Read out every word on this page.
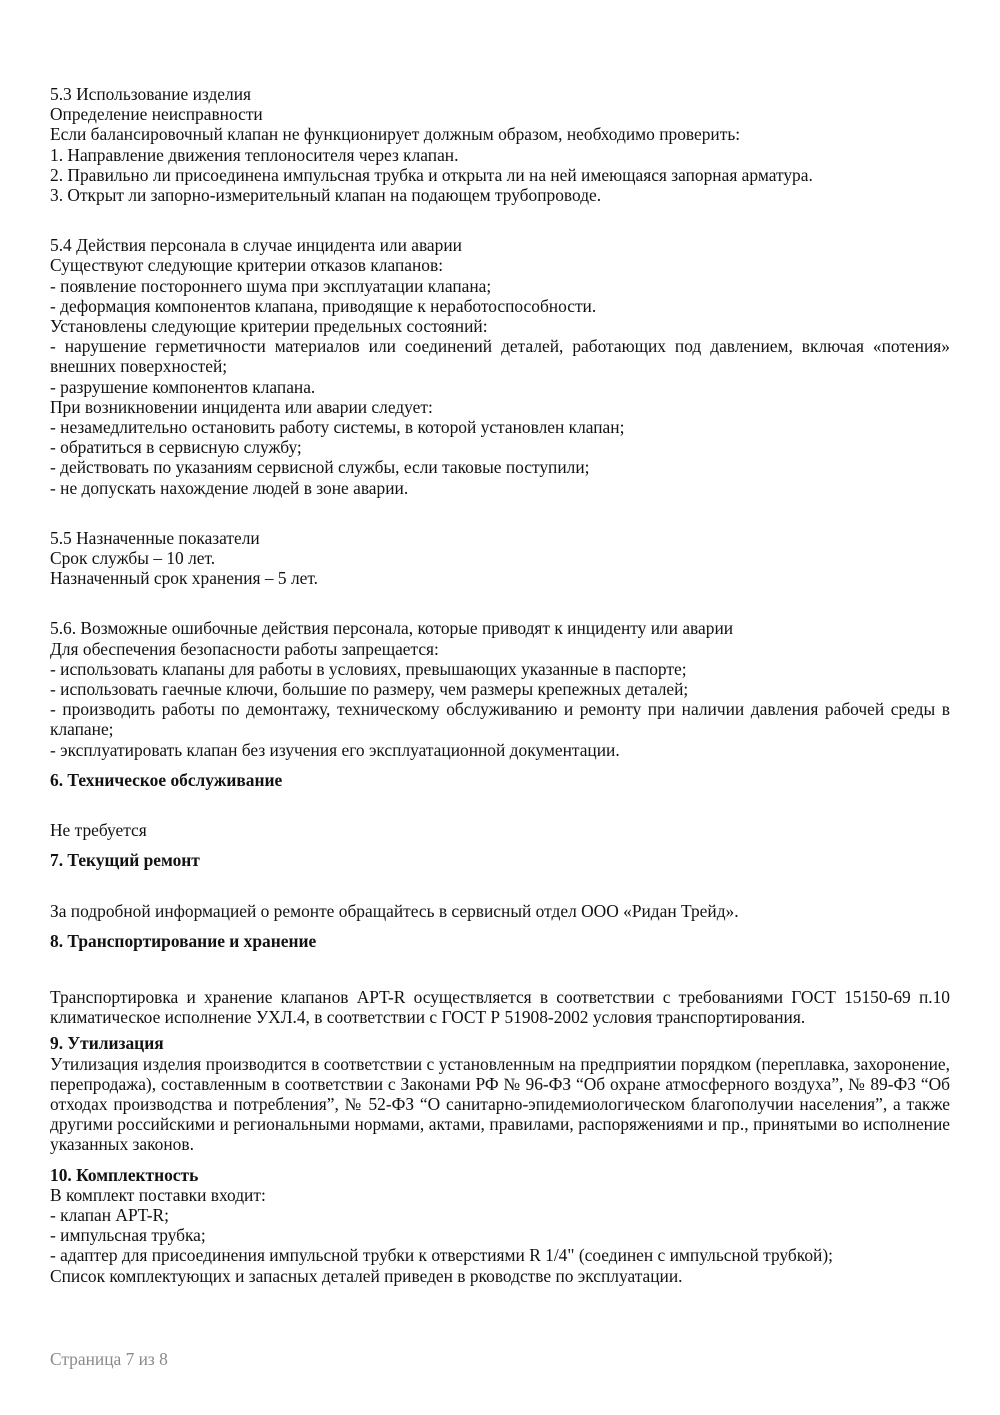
5.3 Использование изделия
Определение неисправности
Если балансировочный клапан не функционирует должным образом, необходимо проверить:
1. Направление движения теплоносителя через клапан.
2. Правильно ли присоединена импульсная трубка и открыта ли на ней имеющаяся запорная арматура.
3. Открыт ли запорно-измерительный клапан на подающем трубопроводе.
5.4 Действия персонала в случае инцидента или аварии
Существуют следующие критерии отказов клапанов:
- появление постороннего шума при эксплуатации клапана;
- деформация компонентов клапана, приводящие к неработоспособности.
Установлены следующие критерии предельных состояний:
- нарушение герметичности материалов или соединений деталей, работающих под давлением, включая «потения» внешних поверхностей;
- разрушение компонентов клапана.
При возникновении инцидента или аварии следует:
- незамедлительно остановить работу системы, в которой установлен клапан;
- обратиться в сервисную службу;
- действовать по указаниям сервисной службы, если таковые поступили;
- не допускать нахождение людей в зоне аварии.
5.5 Назначенные показатели
Срок службы – 10 лет.
Назначенный срок хранения – 5 лет.
5.6. Возможные ошибочные действия персонала, которые приводят к инциденту или аварии
Для обеспечения безопасности работы запрещается:
- использовать клапаны для работы в условиях, превышающих указанные в паспорте;
- использовать гаечные ключи, большие по размеру, чем размеры крепежных деталей;
- производить работы по демонтажу, техническому обслуживанию и ремонту при наличии давления рабочей среды в клапане;
- эксплуатировать клапан без изучения его эксплуатационной документации.
6. Техническое обслуживание
Не требуется
7. Текущий ремонт
За подробной информацией о ремонте обращайтесь в сервисный отдел ООО «Ридан Трейд».
8. Транспортирование и хранение
Транспортировка и хранение клапанов APT-R осуществляется в соответствии с требованиями ГОСТ 15150-69 п.10 климатическое исполнение УХЛ.4, в соответствии с ГОСТ Р 51908-2002 условия транспортирования.
9. Утилизация
Утилизация изделия производится в соответствии с установленным на предприятии порядком (переплавка, захоронение, перепродажа), составленным в соответствии с Законами РФ № 96-ФЗ “Об охране атмосферного воздуха”, № 89-ФЗ “Об отходах производства и потребления”, № 52-ФЗ “О санитарно-эпидемиологическом благополучии населения”, а также другими российскими и региональными нормами, актами, правилами, распоряжениями и пр., принятыми во исполнение указанных законов.
10. Комплектность
В комплект поставки входит:
- клапан APT-R;
- импульсная трубка;
- адаптер для присоединения импульсной трубки к отверстиями R 1/4" (соединен с импульсной трубкой);
Список комплектующих и запасных деталей приведен в рководстве по эксплуатации.
Страница 7 из 8
